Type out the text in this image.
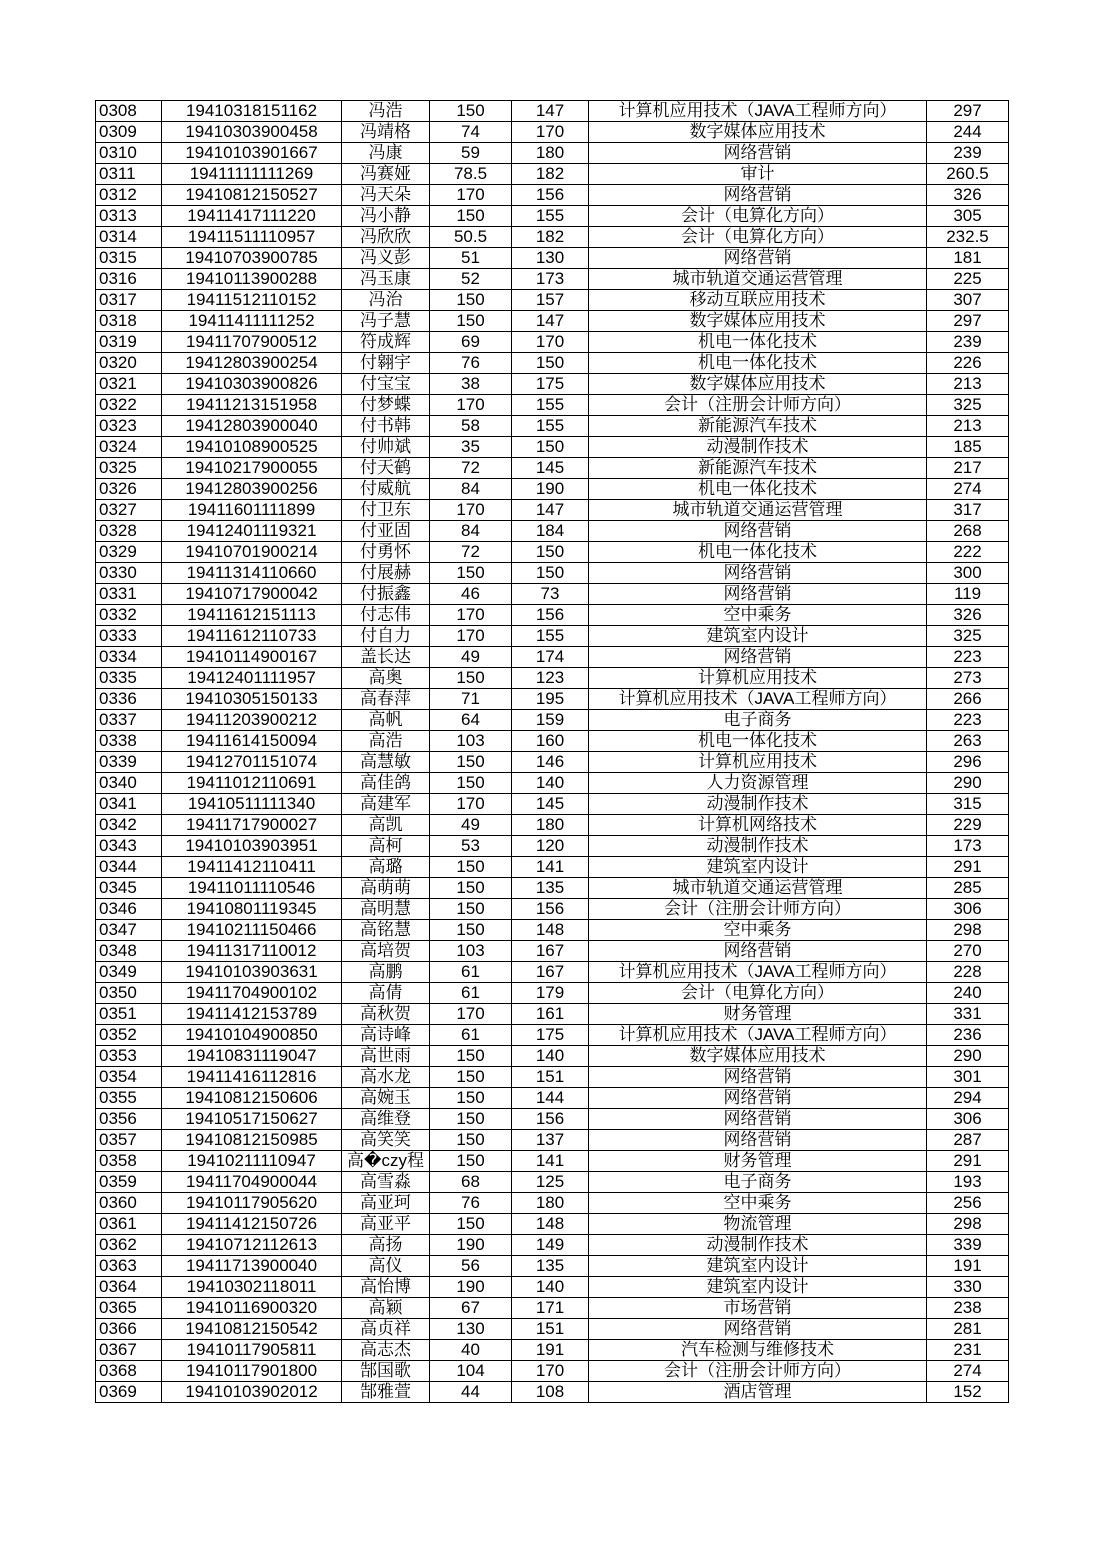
0308	19410318151162	冯浩	150	147	计算机应用技术（JAVA工程师方向）	297
0309	19410303900458	冯靖格	74	170	数字媒体应用技术	244
0310	19410103901667	冯康	59	180	网络营销	239
0311	19411111111269	冯赛娅	78.5	182	审计	260.5
0312	19410812150527	冯天朵	170	156	网络营销	326
0313	19411417111220	冯小静	150	155	会计（电算化方向）	305
0314	19411511110957	冯欣欣	50.5	182	会计（电算化方向）	232.5
0315	19410703900785	冯义彭	51	130	网络营销	181
0316	19410113900288	冯玉康	52	173	城市轨道交通运营管理	225
0317	19411512110152	冯治	150	157	移动互联应用技术	307
0318	19411411111252	冯子慧	150	147	数字媒体应用技术	297
0319	19411707900512	符成辉	69	170	机电一体化技术	239
0320	19412803900254	付翱宇	76	150	机电一体化技术	226
0321	19410303900826	付宝宝	38	175	数字媒体应用技术	213
0322	19411213151958	付梦蝶	170	155	会计（注册会计师方向）	325
0323	19412803900040	付书韩	58	155	新能源汽车技术	213
0324	19410108900525	付帅斌	35	150	动漫制作技术	185
0325	19410217900055	付天鹤	72	145	新能源汽车技术	217
0326	19412803900256	付威航	84	190	机电一体化技术	274
0327	19411601111899	付卫东	170	147	城市轨道交通运营管理	317
0328	19412401119321	付亚固	84	184	网络营销	268
0329	19410701900214	付勇怀	72	150	机电一体化技术	222
0330	19411314110660	付展赫	150	150	网络营销	300
0331	19410717900042	付振鑫	46	73	网络营销	119
0332	19411612151113	付志伟	170	156	空中乘务	326
0333	19411612110733	付自力	170	155	建筑室内设计	325
0334	19410114900167	盖长达	49	174	网络营销	223
0335	19412401111957	高奥	150	123	计算机应用技术	273
0336	19410305150133	高春萍	71	195	计算机应用技术（JAVA工程师方向）	266
0337	19411203900212	高帆	64	159	电子商务	223
0338	19411614150094	高浩	103	160	机电一体化技术	263
0339	19412701151074	高慧敏	150	146	计算机应用技术	296
0340	19411012110691	高佳鸽	150	140	人力资源管理	290
0341	19410511111340	高建军	170	145	动漫制作技术	315
0342	19411717900027	高凯	49	180	计算机网络技术	229
0343	19410103903951	高柯	53	120	动漫制作技术	173
0344	19411412110411	高璐	150	141	建筑室内设计	291
0345	19411011110546	高萌萌	150	135	城市轨道交通运营管理	285
0346	19410801119345	高明慧	150	156	会计（注册会计师方向）	306
0347	19410211150466	高铭慧	150	148	空中乘务	298
0348	19411317110012	高培贺	103	167	网络营销	270
0349	19410103903631	高鹏	61	167	计算机应用技术（JAVA工程师方向）	228
0350	19411704900102	高倩	61	179	会计（电算化方向）	240
0351	19411412153789	高秋贺	170	161	财务管理	331
0352	19410104900850	高诗峰	61	175	计算机应用技术（JAVA工程师方向）	236
0353	19410831119047	高世雨	150	140	数字媒体应用技术	290
0354	19411416112816	高水龙	150	151	网络营销	301
0355	19410812150606	高婉玉	150	144	网络营销	294
0356	19410517150627	高维登	150	156	网络营销	306
0357	19410812150985	高笑笑	150	137	网络营销	287
0358	19410211110947	高�czy程	150	141	财务管理	291
0359	19411704900044	高雪淼	68	125	电子商务	193
0360	19410117905620	高亚珂	76	180	空中乘务	256
0361	19411412150726	高亚平	150	148	物流管理	298
0362	19410712112613	高扬	190	149	动漫制作技术	339
0363	19411713900040	高仪	56	135	建筑室内设计	191
0364	19410302118011	高怡博	190	140	建筑室内设计	330
0365	19410116900320	高颖	67	171	市场营销	238
0366	19410812150542	高贞祥	130	151	网络营销	281
0367	19410117905811	高志杰	40	191	汽车检测与维修技术	231
0368	19410117901800	郜国歌	104	170	会计（注册会计师方向）	274
0369	19410103902012	郜雅萱	44	108	酒店管理	152
